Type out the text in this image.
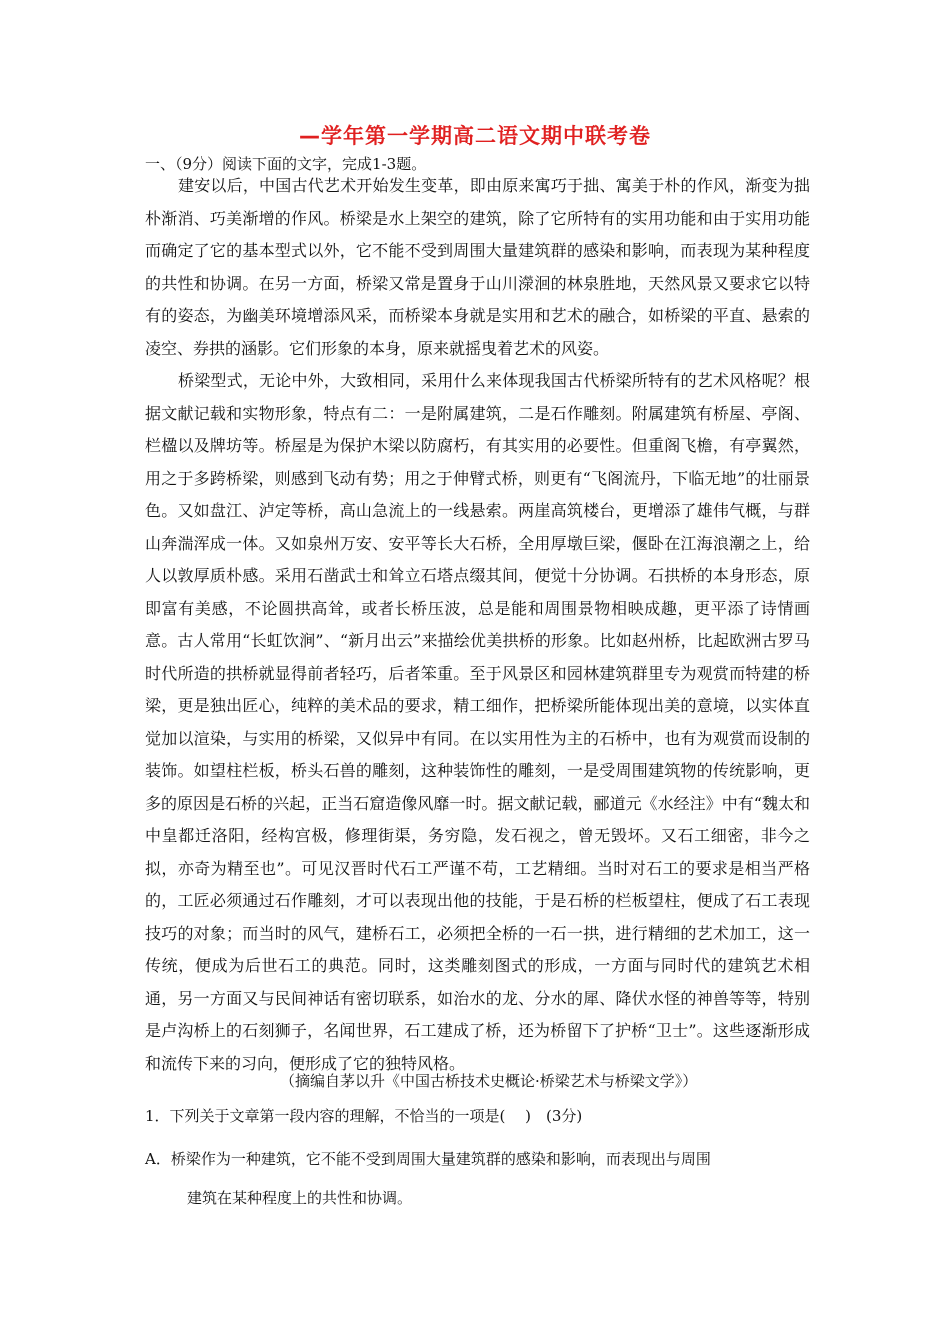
—学年第一学期高二语文期中联考卷
一、（9分）阅读下面的文字，完成1-3题。

建安以后，中国古代艺术开始发生变革，即由原来寓巧于拙、寓美于朴的作风，渐变为拙朴渐消、巧美渐增的作风。桥梁是水上架空的建筑，除了它所特有的实用功能和由于实用功能而确定了它的基本型式以外，它不能不受到周围大量建筑群的感染和影响，而表现为某种程度的共性和协调。在另一方面，桥梁又常是置身于山川濴洄的林泉胜地，天然风景又要求它以特有的姿态，为幽美环境增添风采，而桥梁本身就是实用和艺术的融合，如桥梁的平直、悬索的凌空、券拱的涵影。它们形象的本身，原来就摇曳着艺术的风姿。

桥梁型式，无论中外，大致相同，采用什么来体现我国古代桥梁所特有的艺术风格呢？根据文献记载和实物形象，特点有二：一是附属建筑，二是石作雕刻。附属建筑有桥屋、亭阁、栏楹以及牌坊等。桥屋是为保护木梁以防腐朽，有其实用的必要性。但重阁飞檐，有亭翼然，用之于多跨桥梁，则感到飞动有势；用之于伸臂式桥，则更有“飞阁流丹，下临无地”的壮丽景色。又如盘江、泸定等桥，高山急流上的一线悬索。两崖高筑楼台，更增添了雄伟气概，与群山奔湍浑成一体。又如泉州万安、安平等长大石桥，全用厚墩巨梁，偃卧在江海浪潮之上，给人以敦厚质朴感。采用石凿武士和耸立石塔点缀其间，便觉十分协调。石拱桥的本身形态，原即富有美感，不论圆拱高耸，或者长桥压波，总是能和周围景物相映成趣，更平添了诗情画意。古人常用“长虹饮涧”、“新月出云”来描绘优美拱桥的形象。比如赵州桥，比起欧洲古罗马时代所造的拱桥就显得前者轻巧，后者笨重。至于风景区和园林建筑群里专为观赏而特建的桥梁，更是独出匠心，纯粹的美术品的要求，精工细作，把桥梁所能体现出美的意境，以实体直觉加以渲染，与实用的桥梁，又似异中有同。在以实用性为主的石桥中，也有为观赏而设制的装饰。如望柱栏板，桥头石兽的雕刻，这种装饰性的雕刻，一是受周围建筑物的传统影响，更多的原因是石桥的兴起，正当石窟造像风靡一时。据文献记载，郦道元《水经注》中有“魏太和中皇都迁洛阳，经构宫极，修理街渠，务穷隐，发石视之，曾无毁坏。又石工细密，非今之拟，亦奇为精至也”。可见汉晋时代石工严谨不苟，工艺精细。当时对石工的要求是相当严格的，工匠必须通过石作雕刻，才可以表现出他的技能，于是石桥的栏板望柱，便成了石工表现技巧的对象；而当时的风气，建桥石工，必须把全桥的一石一拱，进行精细的艺术加工，这一传统，便成为后世石工的典范。同时，这类雕刻图式的形成，一方面与同时代的建筑艺术相通，另一方面又与民间神话有密切联系，如治水的龙、分水的犀、降伏水怪的神兽等等，特别是卢沟桥上的石刻狮子，名闻世界，石工建成了桥，还为桥留下了护桥“卫士”。这些逐渐形成和流传下来的习向，便形成了它的独特风格。

（摘编自茅以升《中国古桥技术史概论·桥梁艺术与桥梁文学》）
1．下列关于文章第一段内容的理解，不恰当的一项是(　 )　(3分)
A．桥梁作为一种建筑，它不能不受到周围大量建筑群的感染和影响，而表现出与周围
建筑在某种程度上的共性和协调。
